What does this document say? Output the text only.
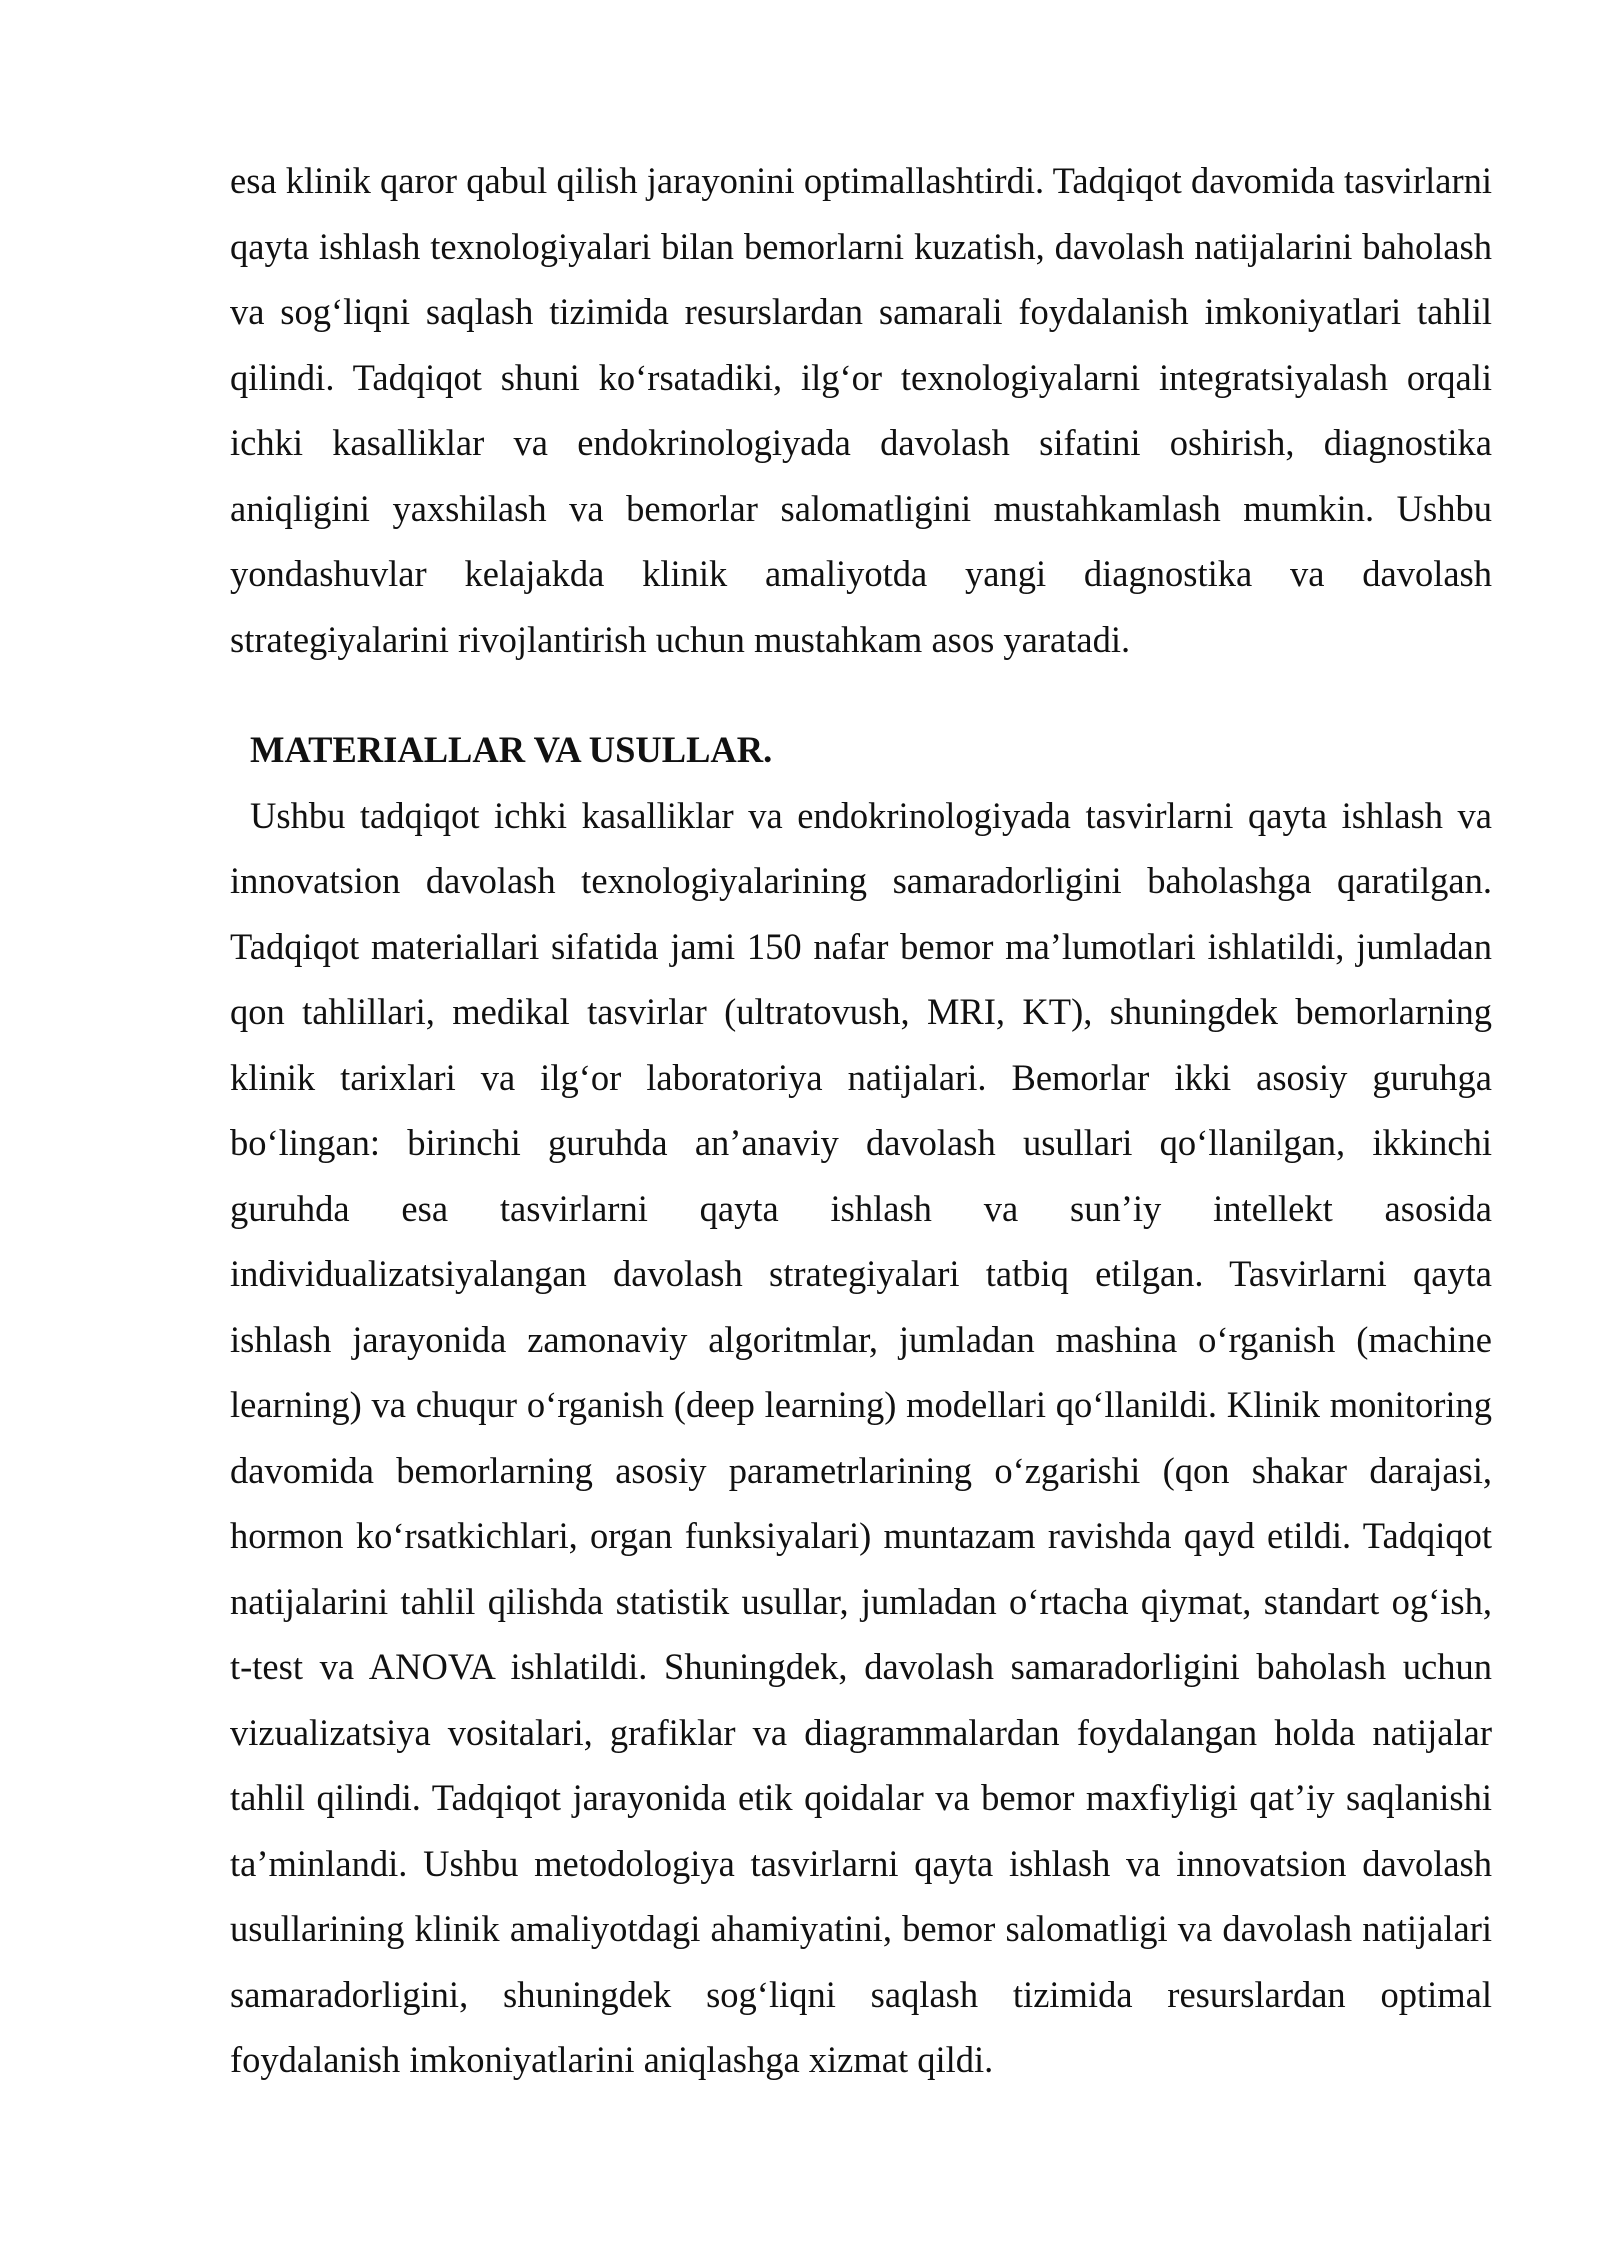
esa klinik qaror qabul qilish jarayonini optimallashtirdi. Tadqiqot davomida tasvirlarni qayta ishlash texnologiyalari bilan bemorlarni kuzatish, davolash natijalarini baholash va sog‘liqni saqlash tizimida resurslardan samarali foydalanish imkoniyatlari tahlil qilindi. Tadqiqot shuni ko‘rsatadiki, ilg‘or texnologiyalarni integratsiyalash orqali ichki kasalliklar va endokrinologiyada davolash sifatini oshirish, diagnostika aniqligini yaxshilash va bemorlar salomatligini mustahkamlash mumkin. Ushbu yondashuvlar kelajakda klinik amaliyotda yangi diagnostika va davolash strategiyalarini rivojlantirish uchun mustahkam asos yaratadi.

MATERIALLAR VA USULLAR.

Ushbu tadqiqot ichki kasalliklar va endokrinologiyada tasvirlarni qayta ishlash va innovatsion davolash texnologiyalarining samaradorligini baholashga qaratilgan. Tadqiqot materiallari sifatida jami 150 nafar bemor ma’lumotlari ishlatildi, jumladan qon tahlillari, medikal tasvirlar (ultratovush, MRI, KT), shuningdek bemorlarning klinik tarixlari va ilg‘or laboratoriya natijalari. Bemorlar ikki asosiy guruhga bo‘lingan: birinchi guruhda an’anaviy davolash usullari qo‘llanilgan, ikkinchi guruhda esa tasvirlarni qayta ishlash va sun’iy intellekt asosida individualizatsiyalangan davolash strategiyalari tatbiq etilgan. Tasvirlarni qayta ishlash jarayonida zamonaviy algoritmlar, jumladan mashina o‘rganish (machine learning) va chuqur o‘rganish (deep learning) modellari qo‘llanildi. Klinik monitoring davomida bemorlarning asosiy parametrlarining o‘zgarishi (qon shakar darajasi, hormon ko‘rsatkichlari, organ funksiyalari) muntazam ravishda qayd etildi. Tadqiqot natijalarini tahlil qilishda statistik usullar, jumladan o‘rtacha qiymat, standart og‘ish, t-test va ANOVA ishlatildi. Shuningdek, davolash samaradorligini baholash uchun vizualizatsiya vositalari, grafiklar va diagrammalardan foydalangan holda natijalar tahlil qilindi. Tadqiqot jarayonida etik qoidalar va bemor maxfiyligi qat’iy saqlanishi ta’minlandi. Ushbu metodologiya tasvirlarni qayta ishlash va innovatsion davolash usullarining klinik amaliyotdagi ahamiyatini, bemor salomatligi va davolash natijalari samaradorligini, shuningdek sog‘liqni saqlash tizimida resurslardan optimal foydalanish imkoniyatlarini aniqlashga xizmat qildi.
